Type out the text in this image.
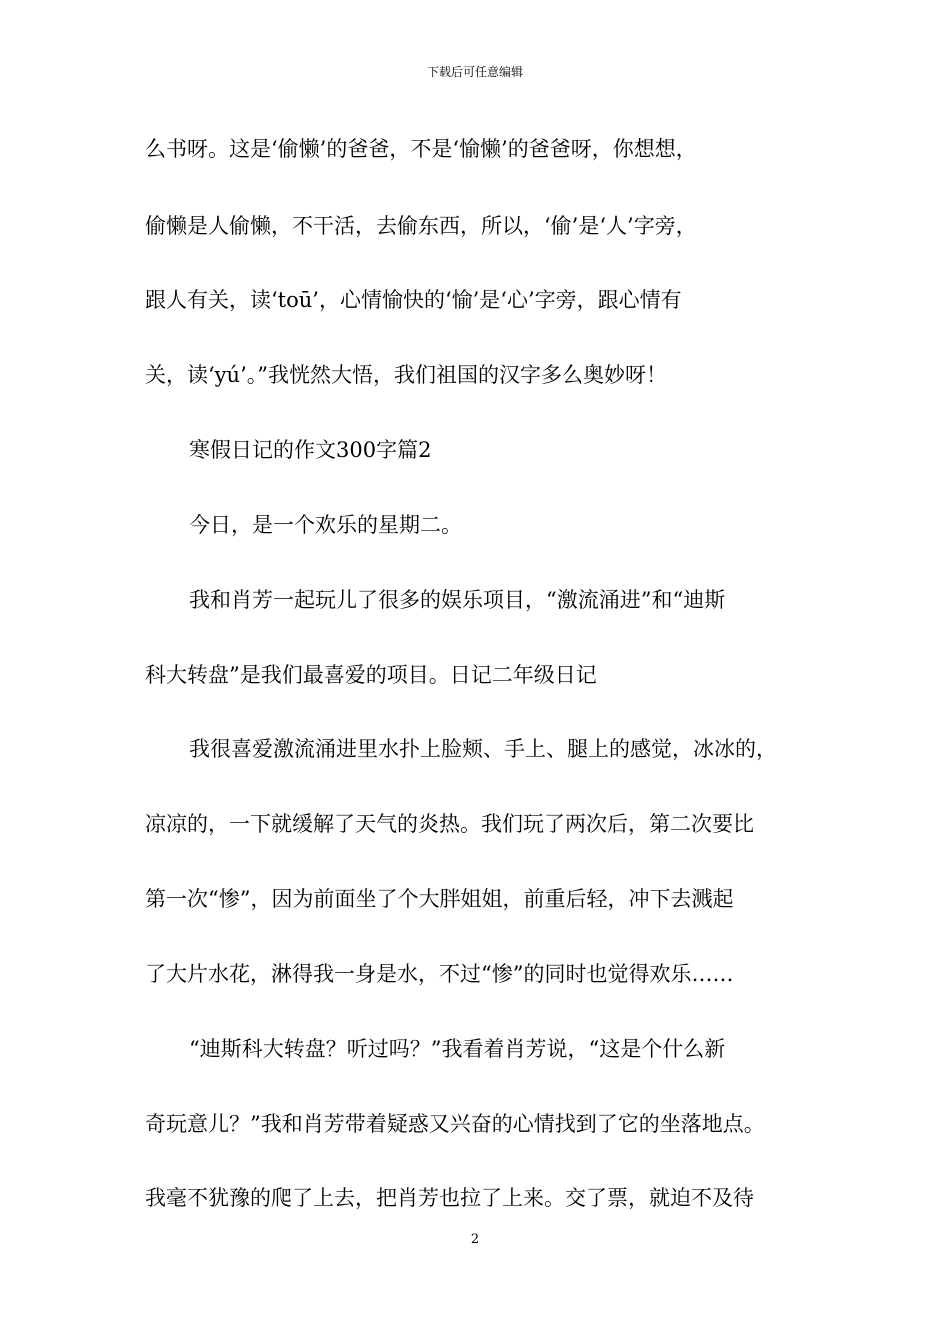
下载后可任意编辑
么书呀。这是‘偷懒’的爸爸，不是‘愉懒’的爸爸呀，你想想，
偷懒是人偷懒，不干活，去偷东西，所以，‘偷’是‘人’字旁，
跟人有关，读‘toū’，心情愉快的‘愉’是‘心’字旁，跟心情有
关，读‘yú’。”我恍然大悟，我们祖国的汉字多么奥妙呀！
寒假日记的作文300字篇2
今日，是一个欢乐的星期二。
我和肖芳一起玩儿了很多的娱乐项目，“激流涌进”和“迪斯
科大转盘”是我们最喜爱的项目。日记二年级日记
我很喜爱激流涌进里水扑上脸颊、手上、腿上的感觉，冰冰的，
凉凉的，一下就缓解了天气的炎热。我们玩了两次后，第二次要比
第一次“惨”，因为前面坐了个大胖姐姐，前重后轻，冲下去溅起
了大片水花，淋得我一身是水，不过“惨”的同时也觉得欢乐……
“迪斯科大转盘？听过吗？”我看着肖芳说，“这是个什么新
奇玩意儿？”我和肖芳带着疑惑又兴奋的心情找到了它的坐落地点。
我毫不犹豫的爬了上去，把肖芳也拉了上来。交了票，就迫不及待
2
